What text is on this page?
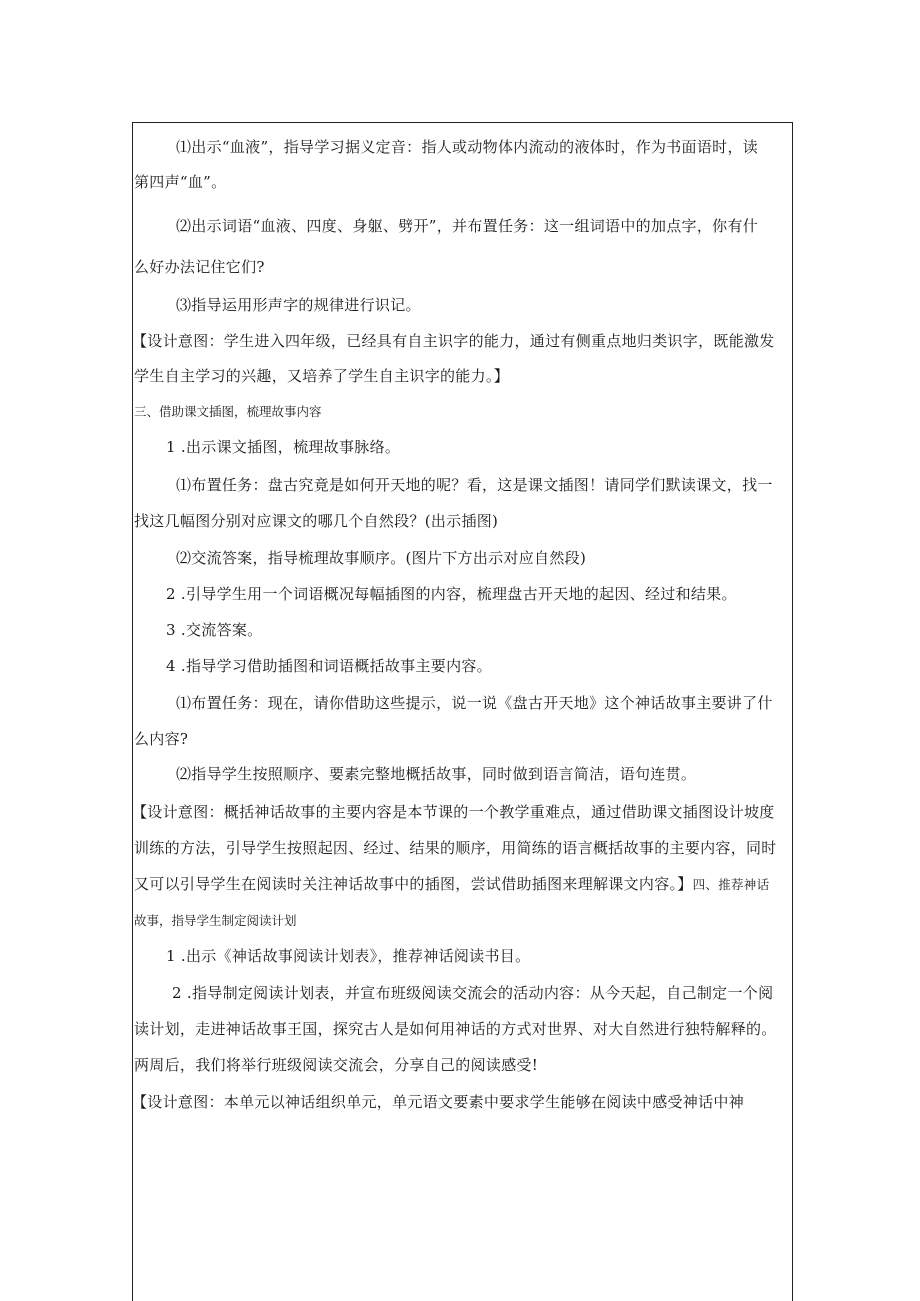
⑴出示“血液”，指导学习据义定音：指人或动物体内流动的液体时，作为书面语时，读
第四声“血”。
⑵出示词语“血液、四度、身躯、劈开”，并布置任务：这一组词语中的加点字，你有什
么好办法记住它们?
⑶指导运用形声字的规律进行识记。
【设计意图：学生进入四年级，已经具有自主识字的能力，通过有侧重点地归类识字，既能激发
学生自主学习的兴趣，又培养了学生自主识字的能力。】
三、借助课文插图，梳理故事内容
1 .出示课文插图，梳理故事脉络。
⑴布置任务：盘古究竟是如何开天地的呢？看，这是课文插图！请同学们默读课文，找一
找这几幅图分别对应课文的哪几个自然段？(出示插图)
⑵交流答案，指导梳理故事顺序。(图片下方出示对应自然段)
2 .引导学生用一个词语概况每幅插图的内容，梳理盘古开天地的起因、经过和结果。
3 .交流答案。
4 .指导学习借助插图和词语概括故事主要内容。
⑴布置任务：现在，请你借助这些提示，说一说《盘古开天地》这个神话故事主要讲了什
么内容?
⑵指导学生按照顺序、要素完整地概括故事，同时做到语言简洁，语句连贯。
【设计意图：概括神话故事的主要内容是本节课的一个教学重难点，通过借助课文插图设计坡度
训练的方法，引导学生按照起因、经过、结果的顺序，用简练的语言概括故事的主要内容，同时
又可以引导学生在阅读时关注神话故事中的插图，尝试借助插图来理解课文内容。】四、推荐神话
故事，指导学生制定阅读计划
1 .出示《神话故事阅读计划表》，推荐神话阅读书目。
2 .指导制定阅读计划表，并宣布班级阅读交流会的活动内容：从今天起，自己制定一个阅
读计划，走进神话故事王国，探究古人是如何用神话的方式对世界、对大自然进行独特解释的。
两周后，我们将举行班级阅读交流会，分享自己的阅读感受!
【设计意图：本单元以神话组织单元，单元语文要素中要求学生能够在阅读中感受神话中神
